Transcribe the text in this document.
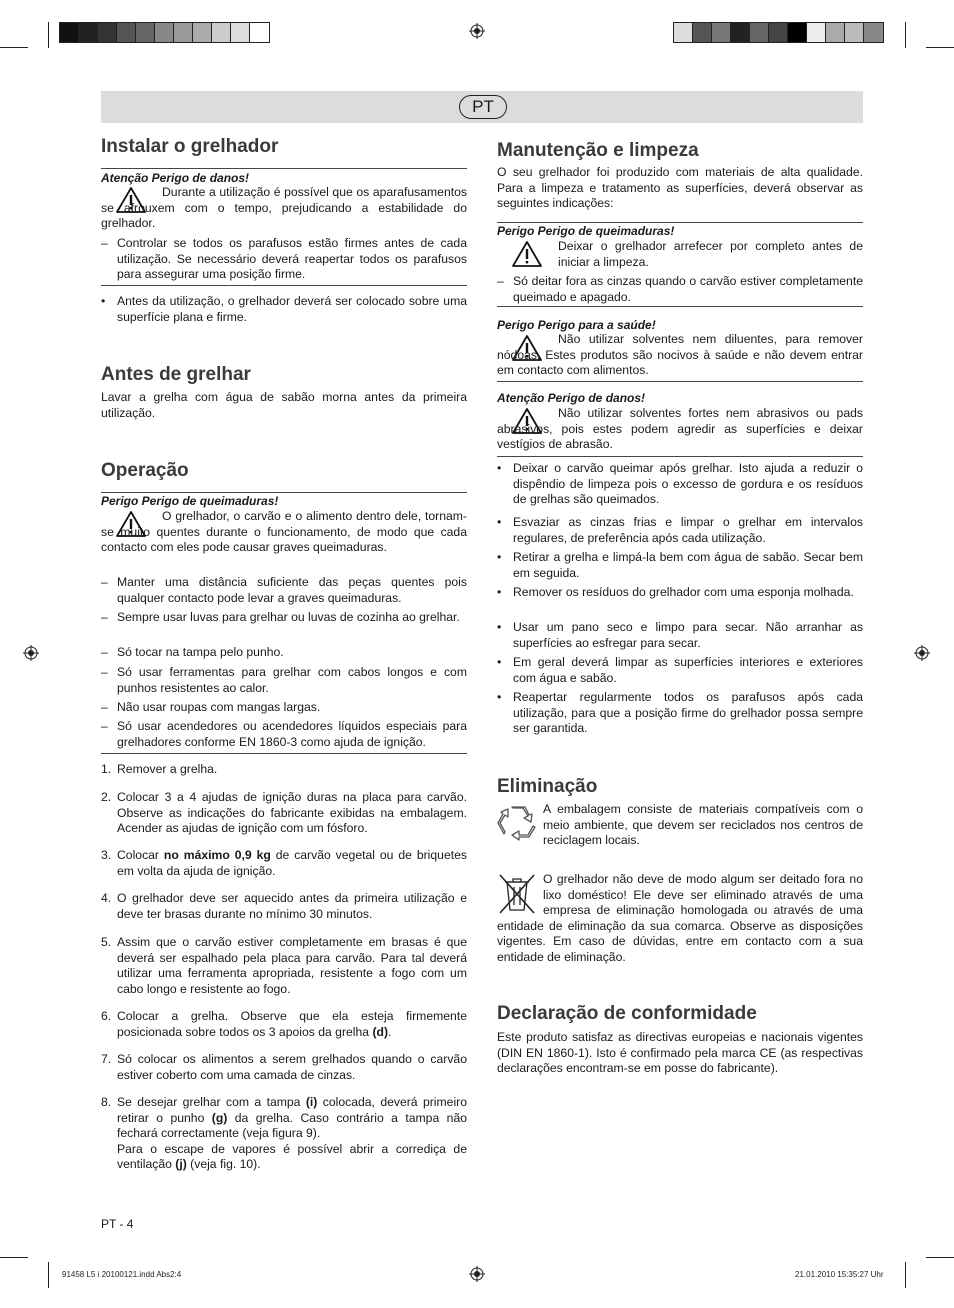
PT
Instalar o grelhador
Atenção Perigo de danos!
Durante a utilização é possível que os aparafusamentos se afrouxem com o tempo, prejudicando a estabilidade do grelhador.
– Controlar se todos os parafusos estão firmes antes de cada utilização. Se necessário deverá reapertar todos os parafusos para assegurar uma posição firme.
• Antes da utilização, o grelhador deverá ser colocado sobre uma superfície plana e firme.
Antes de grelhar
Lavar a grelha com água de sabão morna antes da primeira utilização.
Operação
Perigo Perigo de queimaduras!
O grelhador, o carvão e o alimento dentro dele, tornam-se muito quentes durante o funcionamento, de modo que cada contacto com eles pode causar graves queimaduras.
– Manter uma distância suficiente das peças quentes pois qualquer contacto pode levar a graves queimaduras.
– Sempre usar luvas para grelhar ou luvas de cozinha ao grelhar.
– Só tocar na tampa pelo punho.
– Só usar ferramentas para grelhar com cabos longos e com punhos resistentes ao calor.
– Não usar roupas com mangas largas.
– Só usar acendedores ou acendedores líquidos especiais para grelhadores conforme EN 1860-3 como ajuda de ignição.
1. Remover a grelha.
2. Colocar 3 a 4 ajudas de ignição duras na placa para carvão. Observe as indicações do fabricante exibidas na embalagem. Acender as ajudas de ignição com um fósforo.
3. Colocar no máximo 0,9 kg de carvão vegetal ou de briquetes em volta da ajuda de ignição.
4. O grelhador deve ser aquecido antes da primeira utilização e deve ter brasas durante no mínimo 30 minutos.
5. Assim que o carvão estiver completamente em brasas é que deverá ser espalhado pela placa para carvão. Para tal deverá utilizar uma ferramenta apropriada, resistente a fogo com um cabo longo e resistente ao fogo.
6. Colocar a grelha. Observe que ela esteja firmemente posicionada sobre todos os 3 apoios da grelha (d).
7. Só colocar os alimentos a serem grelhados quando o carvão estiver coberto com uma camada de cinzas.
8. Se desejar grelhar com a tampa (i) colocada, deverá primeiro retirar o punho (g) da grelha. Caso contrário a tampa não fechará correctamente (veja figura 9).
Para o escape de vapores é possível abrir a corrediça de ventilação (j) (veja fig. 10).
Manutenção e limpeza
O seu grelhador foi produzido com materiais de alta qualidade. Para a limpeza e tratamento as superfícies, deverá observar as seguintes indicações:
Perigo Perigo de queimaduras!
Deixar o grelhador arrefecer por completo antes de iniciar a limpeza.
– Só deitar fora as cinzas quando o carvão estiver completamente queimado e apagado.
Perigo Perigo para a saúde!
Não utilizar solventes nem diluentes, para remover nódoas. Estes produtos são nocivos à saúde e não devem entrar em contacto com alimentos.
Atenção Perigo de danos!
Não utilizar solventes fortes nem abrasivos ou pads abrasivos, pois estes podem agredir as superfícies e deixar vestígios de abrasão.
• Deixar o carvão queimar após grelhar. Isto ajuda a reduzir o dispêndio de limpeza pois o excesso de gordura e os resíduos de grelhas são queimados.
• Esvaziar as cinzas frias e limpar o grelhar em intervalos regulares, de preferência após cada utilização.
• Retirar a grelha e limpá-la bem com água de sabão. Secar bem em seguida.
• Remover os resíduos do grelhador com uma esponja molhada.
• Usar um pano seco e limpo para secar. Não arranhar as superfícies ao esfregar para secar.
• Em geral deverá limpar as superfícies interiores e exteriores com água e sabão.
• Reapertar regularmente todos os parafusos após cada utilização, para que a posição firme do grelhador possa sempre ser garantida.
Eliminação
A embalagem consiste de materiais compatíveis com o meio ambiente, que devem ser reciclados nos centros de reciclagem locais.
O grelhador não deve de modo algum ser deitado fora no lixo doméstico! Ele deve ser eliminado através de uma empresa de eliminação homologada ou através de uma entidade de eliminação da sua comarca. Observe as disposições vigentes. Em caso de dúvidas, entre em contacto com a sua entidade de eliminação.
Declaração de conformidade
Este produto satisfaz as directivas europeias e nacionais vigentes (DIN EN 1860-1). Isto é confirmado pela marca CE (as respectivas declarações encontram-se em posse do fabricante).
PT - 4
91458 L5 i 20100121.indd Abs2:4	21.01.2010 15:35:27 Uhr
